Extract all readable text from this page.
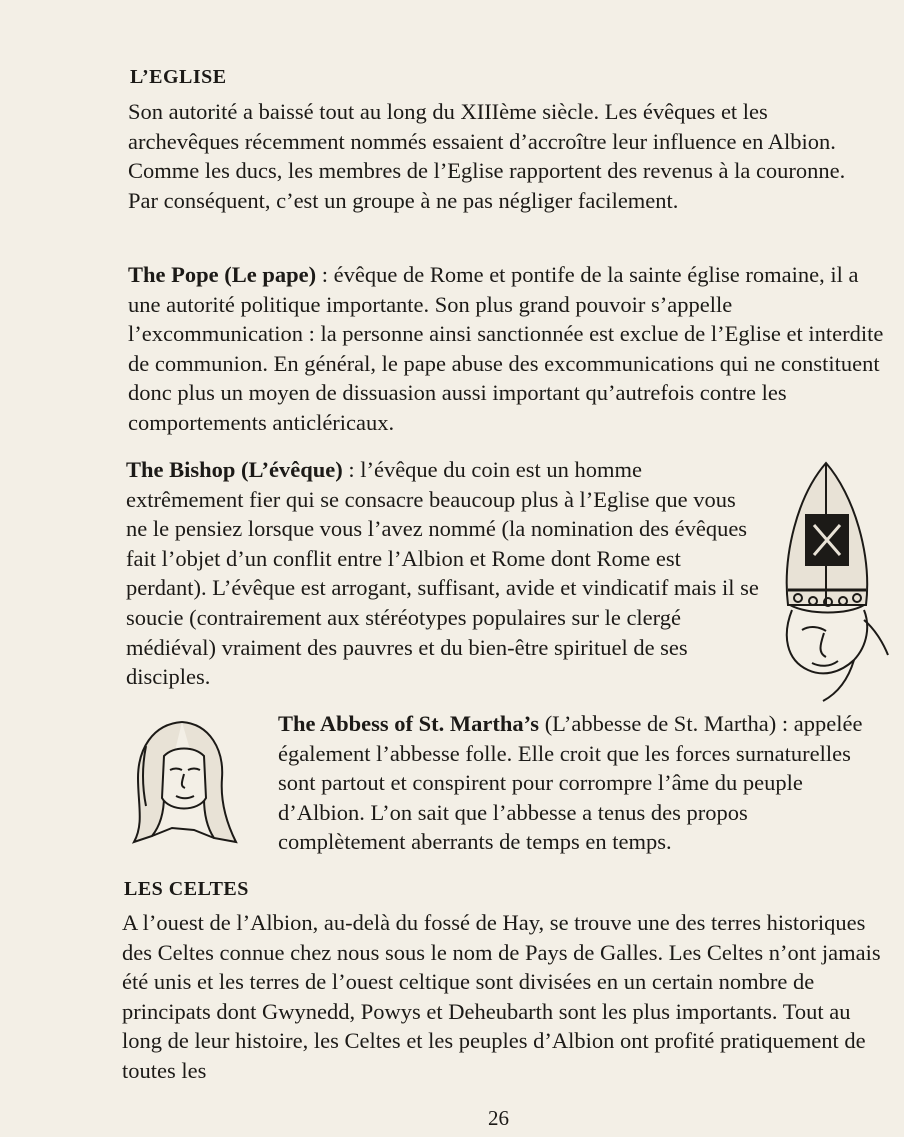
L’EGLISE
Son autorité a baissé tout au long du XIIIème siècle. Les évêques et les archevêques récemment nommés essaient d’accroître leur influence en Albion. Comme les ducs, les membres de l’Eglise rapportent des revenus à la couronne. Par conséquent, c’est un groupe à ne pas négliger facilement.
The Pope (Le pape) : évêque de Rome et pontife de la sainte église romaine, il a une autorité politique importante. Son plus grand pouvoir s’appelle l’excommunication : la personne ainsi sanctionnée est exclue de l’Eglise et interdite de communion. En général, le pape abuse des excommunications qui ne constituent donc plus un moyen de dissuasion aussi important qu’autrefois contre les comportements anticléricaux.
The Bishop (L’évêque) : l’évêque du coin est un homme extrêmement fier qui se consacre beaucoup plus à l’Eglise que vous ne le pensiez lorsque vous l’avez nommé (la nomination des évêques fait l’objet d’un conflit entre l’Albion et Rome dont Rome est perdant). L’évêque est arrogant, suffisant, avide et vindicatif mais il se soucie (contrairement aux stéréotypes populaires sur le clergé médiéval) vraiment des pauvres et du bien-être spirituel de ses disciples.
The Abbess of St. Martha’s (L’abbesse de St. Martha) : appelée également l’abbesse folle. Elle croit que les forces surnaturelles sont partout et conspirent pour corrompre l’âme du peuple d’Albion. L’on sait que l’abbesse a tenus des propos complètement aberrants de temps en temps.
LES CELTES
A l’ouest de l’Albion, au-delà du fossé de Hay, se trouve une des terres historiques des Celtes connue chez nous sous le nom de Pays de Galles. Les Celtes n’ont jamais été unis et les terres de l’ouest celtique sont divisées en un certain nombre de principats dont Gwynedd, Powys et Deheubarth sont les plus importants. Tout au long de leur histoire, les Celtes et les peuples d’Albion ont profité pratiquement de toutes les
26
